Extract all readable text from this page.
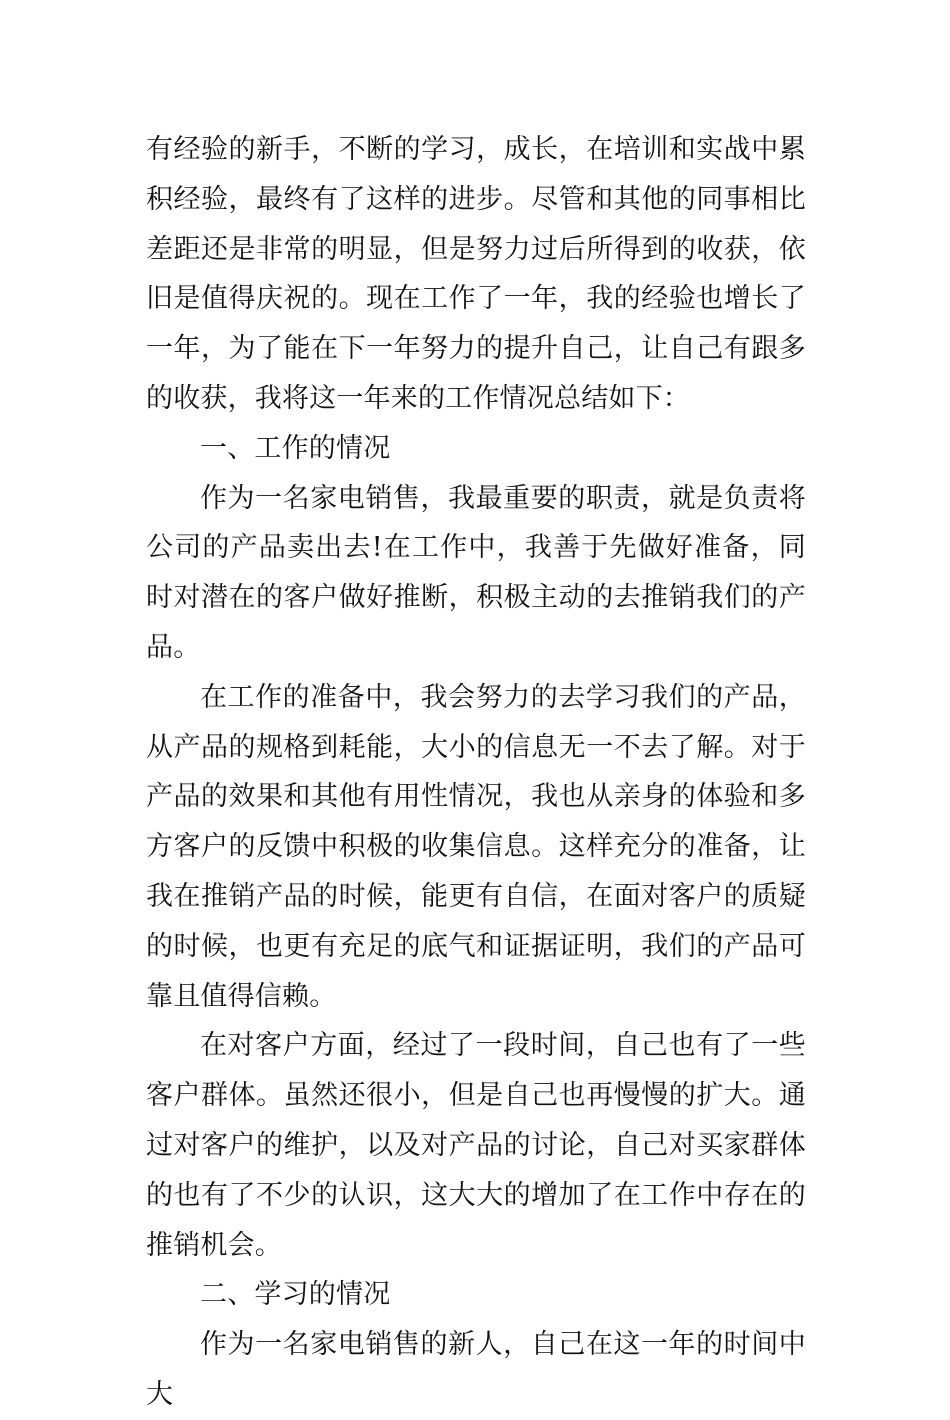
有经验的新手，不断的学习，成长，在培训和实战中累积经验，最终有了这样的进步。尽管和其他的同事相比差距还是非常的明显，但是努力过后所得到的收获，依旧是值得庆祝的。现在工作了一年，我的经验也增长了一年，为了能在下一年努力的提升自己，让自己有跟多的收获，我将这一年来的工作情况总结如下：

一、工作的情况

作为一名家电销售，我最重要的职责，就是负责将公司的产品卖出去!在工作中，我善于先做好准备，同时对潜在的客户做好推断，积极主动的去推销我们的产品。

在工作的准备中，我会努力的去学习我们的产品，从产品的规格到耗能，大小的信息无一不去了解。对于产品的效果和其他有用性情况，我也从亲身的体验和多方客户的反馈中积极的收集信息。这样充分的准备，让我在推销产品的时候，能更有自信，在面对客户的质疑的时候，也更有充足的底气和证据证明，我们的产品可靠且值得信赖。

在对客户方面，经过了一段时间，自己也有了一些客户群体。虽然还很小，但是自己也再慢慢的扩大。通过对客户的维护，以及对产品的讨论，自己对买家群体的也有了不少的认识，这大大的增加了在工作中存在的推销机会。

二、学习的情况

作为一名家电销售的新人，自己在这一年的时间中大
